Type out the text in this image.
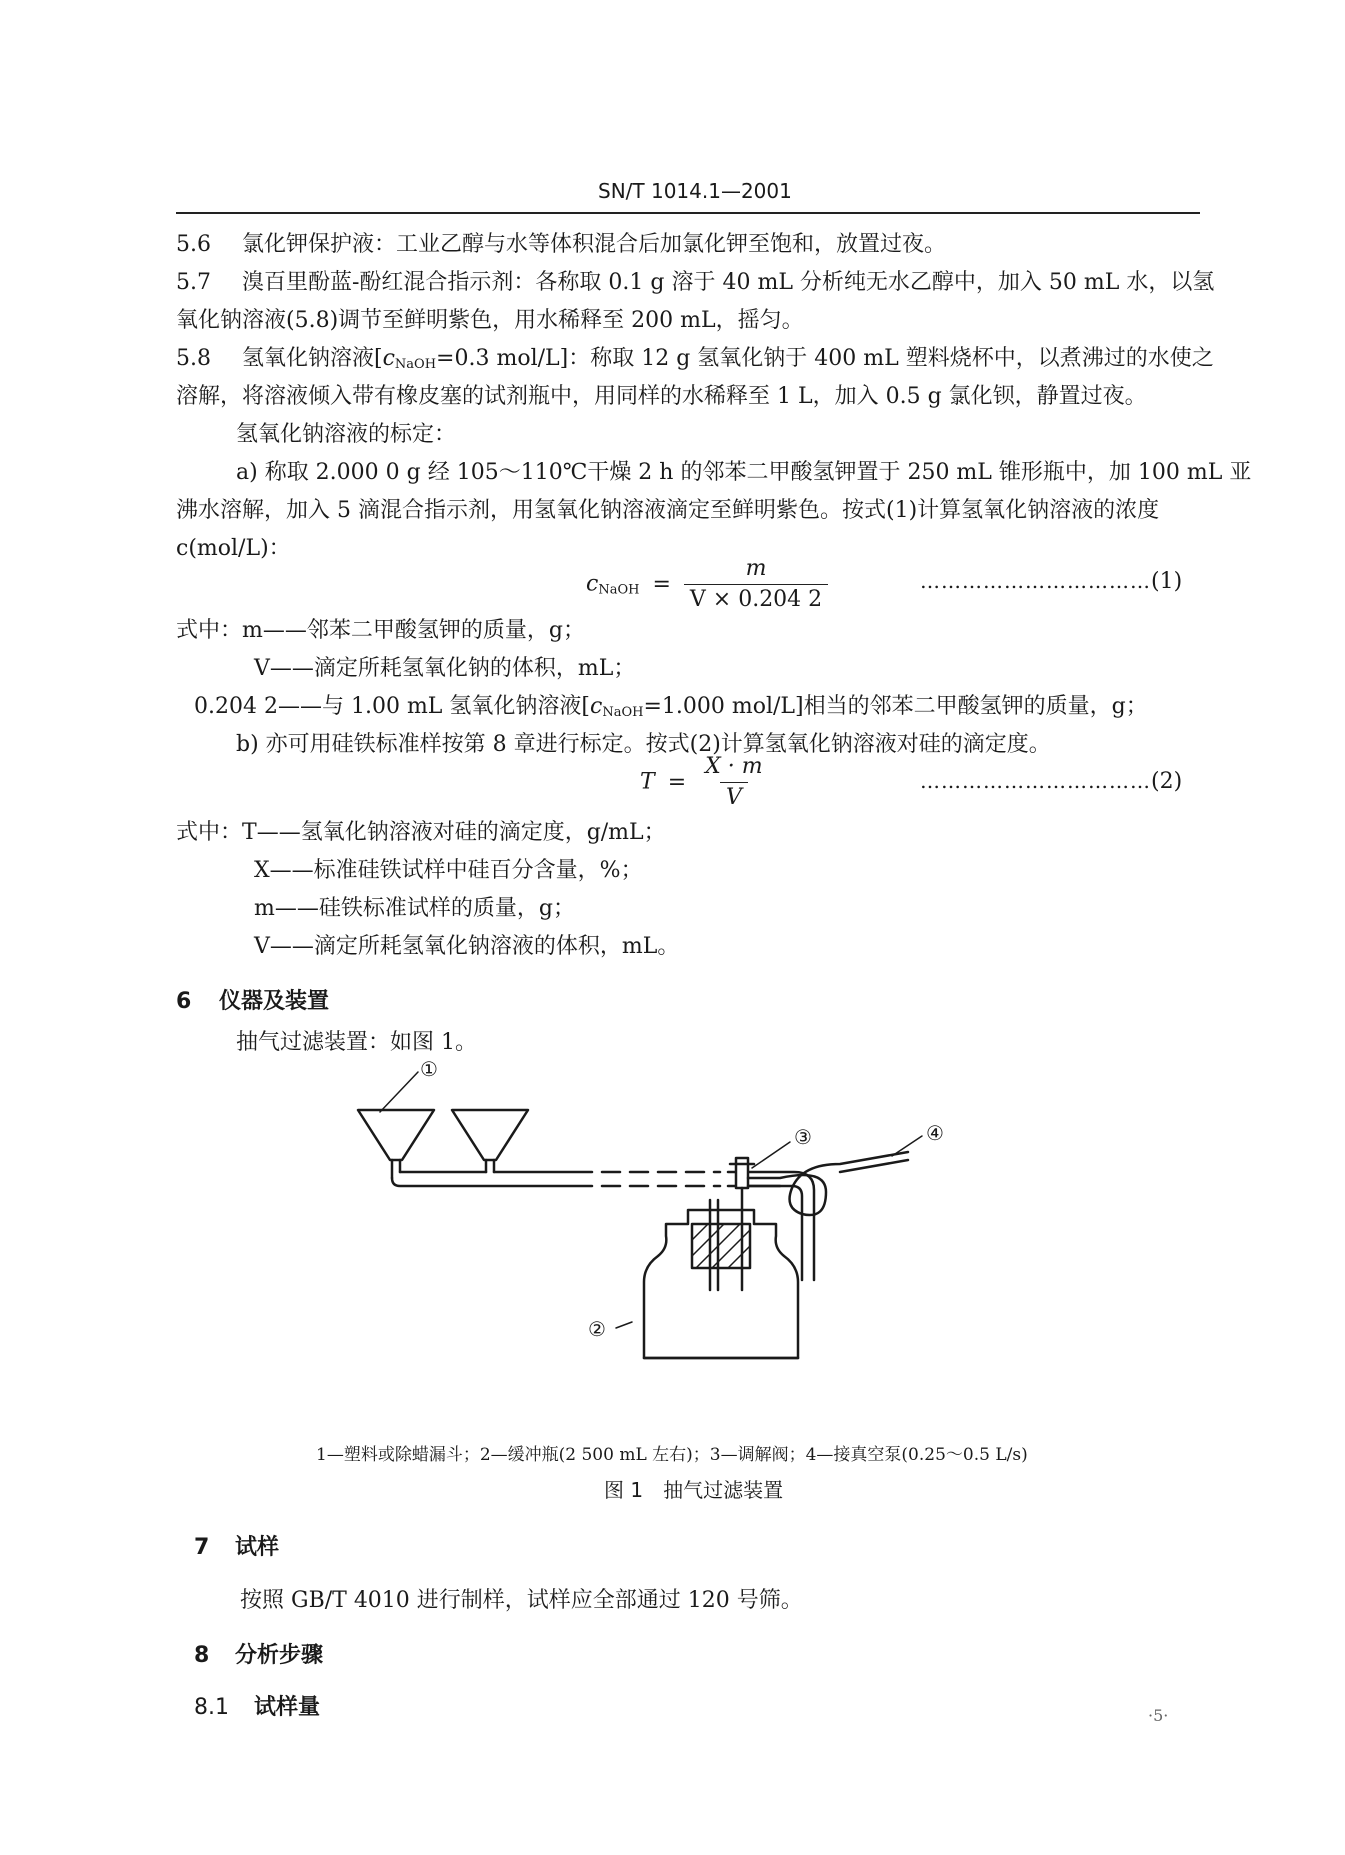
SN/T 1014.1—2001
5.6 氯化钾保护液：工业乙醇与水等体积混合后加氯化钾至饱和，放置过夜。
5.7 溴百里酚蓝-酚红混合指示剂：各称取 0.1 g 溶于 40 mL 分析纯无水乙醇中，加入 50 mL 水，以氢
氧化钠溶液(5.8)调节至鲜明紫色，用水稀释至 200 mL，摇匀。
5.8 氢氧化钠溶液[$c_{NaOH}=0.3$ mol/L]：称取 12 g 氢氧化钠于 400 mL 塑料烧杯中，以煮沸过的水使之
溶解，将溶液倾入带有橡皮塞的试剂瓶中，用同样的水稀释至 1 L，加入 0.5 g 氯化钡，静置过夜。
氢氧化钠溶液的标定：
a) 称取 2.000 0 g 经 105～110℃干燥 2 h 的邻苯二甲酸氢钾置于 250 mL 锥形瓶中，加 100 mL 亚
沸水溶解，加入 5 滴混合指示剂，用氢氧化钠溶液滴定至鲜明紫色。按式(1)计算氢氧化钠溶液的浓度
c(mol/L)：
$c_{NaOH} = \frac{m}{V \times 0.204 2}$	……………………………(1)
式中：m——邻苯二甲酸氢钾的质量，g；
V——滴定所耗氢氧化钠的体积，mL；
0.204 2——与 1.00 mL 氢氧化钠溶液[$c_{NaOH}=1.000$ mol/L]相当的邻苯二甲酸氢钾的质量，g；
b) 亦可用硅铁标准样按第 8 章进行标定。按式(2)计算氢氧化钠溶液对硅的滴定度。
$T = \frac{X \cdot m}{V}$	……………………………(2)
式中：T——氢氧化钠溶液对硅的滴定度，g/mL；
X——标准硅铁试样中硅百分含量，%；
m——硅铁标准试样的质量，g；
V——滴定所耗氢氧化钠溶液的体积，mL。
6 仪器及装置
抽气过滤装置：如图 1。
①
②
③	④
1—塑料或除蜡漏斗；2—缓冲瓶(2 500 mL 左右)；3—调解阀；4—接真空泵(0.25～0.5 L/s)
图 1　抽气过滤装置
7 试样
按照 GB/T 4010 进行制样，试样应全部通过 120 号筛。
8 分析步骤
8.1 试样量	·5·
